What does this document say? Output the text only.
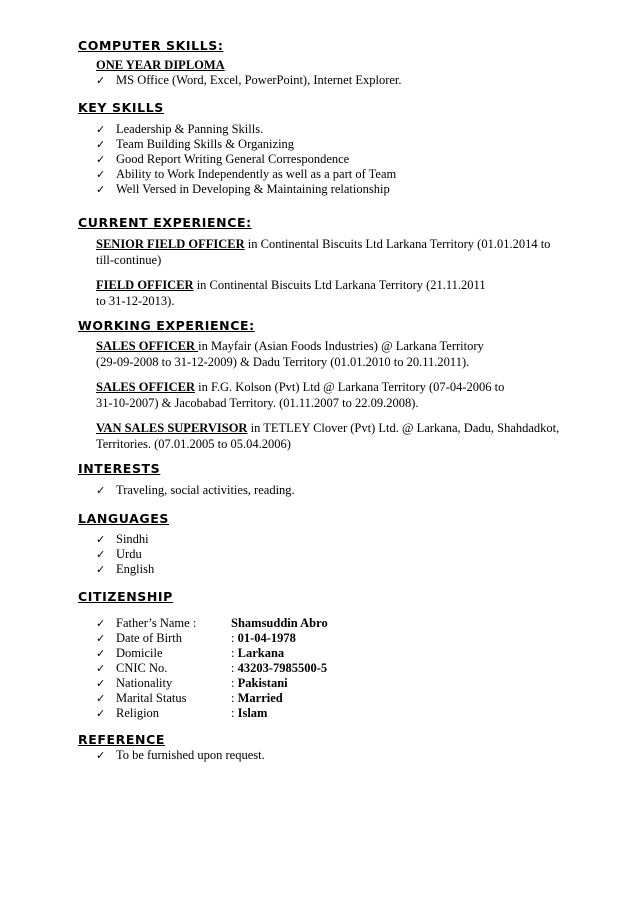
COMPUTER SKILLS:
ONE YEAR DIPLOMA
✓ MS Office (Word, Excel, PowerPoint), Internet Explorer.
KEY SKILLS
✓ Leadership & Panning Skills.
✓ Team Building Skills & Organizing
✓ Good Report Writing General Correspondence
✓ Ability to Work Independently as well as a part of Team
✓ Well Versed in Developing & Maintaining relationship
CURRENT EXPERIENCE:
SENIOR FIELD OFFICER in Continental Biscuits Ltd Larkana Territory (01.01.2014 to
till-continue)
FIELD OFFICER in Continental Biscuits Ltd Larkana Territory (21.11.2011
to 31-12-2013).
WORKING EXPERIENCE:
SALES OFFICER in Mayfair (Asian Foods Industries) @ Larkana Territory
(29-09-2008 to 31-12-2009) & Dadu Territory (01.01.2010 to 20.11.2011).
SALES OFFICER in F.G. Kolson (Pvt) Ltd @ Larkana Territory (07-04-2006 to
31-10-2007) & Jacobabad Territory. (01.11.2007 to 22.09.2008).
VAN SALES SUPERVISOR in TETLEY Clover (Pvt) Ltd. @ Larkana, Dadu, Shahdadkot,
Territories. (07.01.2005 to 05.04.2006)
INTERESTS
✓ Traveling, social activities, reading.
LANGUAGES
✓ Sindhi
✓ Urdu
✓ English
CITIZENSHIP
✓ Father’s Name :	Shamsuddin Abro
✓ Date of Birth	: 01-04-1978
✓ Domicile	: Larkana
✓ CNIC No.	: 43203-7985500-5
✓ Nationality	: Pakistani
✓ Marital Status	: Married
✓ Religion	: Islam
REFERENCE
✓ To be furnished upon request.
